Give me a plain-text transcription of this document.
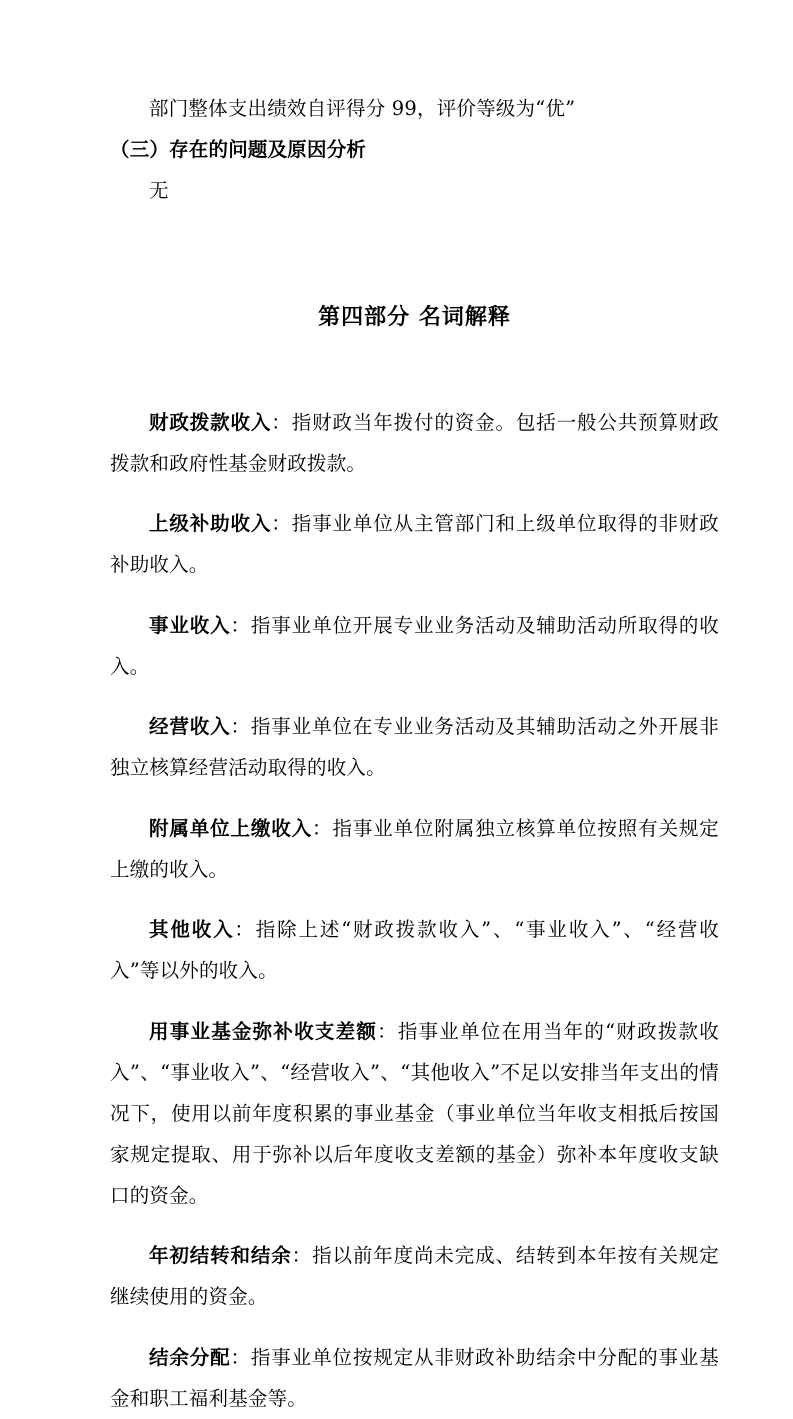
部门整体支出绩效自评得分 99，评价等级为“优”
（三）存在的问题及原因分析
无
第四部分 名词解释

财政拨款收入：指财政当年拨付的资金。包括一般公共预算财政拨款和政府性基金财政拨款。

上级补助收入：指事业单位从主管部门和上级单位取得的非财政补助收入。

事业收入：指事业单位开展专业业务活动及辅助活动所取得的收入。

经营收入：指事业单位在专业业务活动及其辅助活动之外开展非独立核算经营活动取得的收入。

附属单位上缴收入：指事业单位附属独立核算单位按照有关规定上缴的收入。

其他收入：指除上述“财政拨款收入”、“事业收入”、“经营收入”等以外的收入。

用事业基金弥补收支差额：指事业单位在用当年的“财政拨款收入”、“事业收入”、“经营收入”、“其他收入”不足以安排当年支出的情况下，使用以前年度积累的事业基金（事业单位当年收支相抵后按国家规定提取、用于弥补以后年度收支差额的基金）弥补本年度收支缺口的资金。

年初结转和结余：指以前年度尚未完成、结转到本年按有关规定继续使用的资金。

结余分配：指事业单位按规定从非财政补助结余中分配的事业基金和职工福利基金等。
